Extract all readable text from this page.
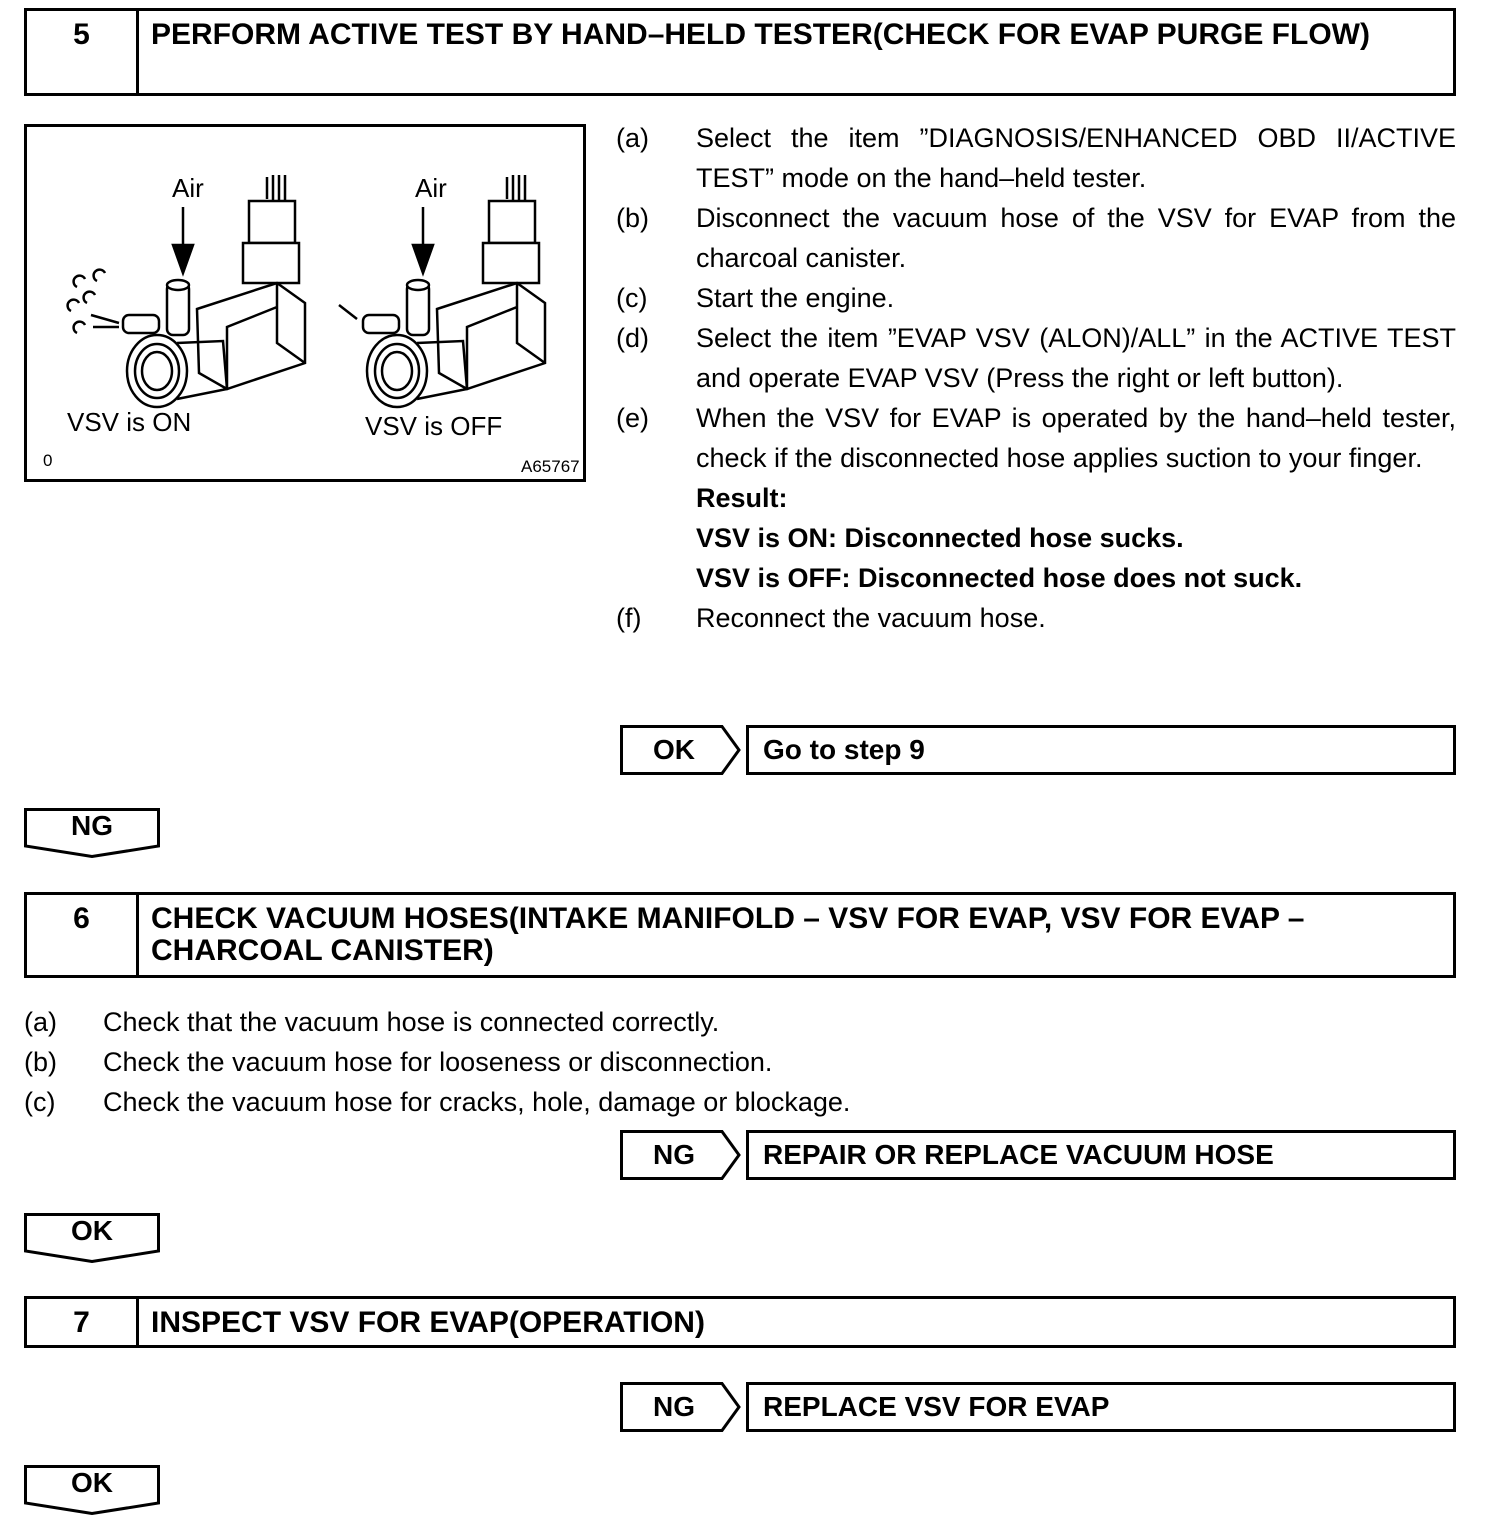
5	PERFORM ACTIVE TEST BY HAND–HELD TESTER(CHECK FOR EVAP PURGE FLOW)
Air	Air
VSV is ON	VSV is OFF
0	A65767
(a)	Select the item ”DIAGNOSIS/ENHANCED OBD II/ACTIVE TEST” mode on the hand–held tester.
(b)	Disconnect the vacuum hose of the VSV for EVAP from the charcoal canister.
(c)	Start the engine.
(d)	Select the item ”EVAP VSV (ALON)/ALL” in the ACTIVE TEST and operate EVAP VSV (Press the right or left button).
(e)	When the VSV for EVAP is operated by the hand–held tester, check if the disconnected hose applies suction to your finger.
Result:
VSV is ON: Disconnected hose sucks.
VSV is OFF: Disconnected hose does not suck.
(f)	Reconnect the vacuum hose.
OK	Go to step 9
NG
6	CHECK VACUUM HOSES(INTAKE MANIFOLD – VSV FOR EVAP, VSV FOR EVAP – CHARCOAL CANISTER)
(a)	Check that the vacuum hose is connected correctly.
(b)	Check the vacuum hose for looseness or disconnection.
(c)	Check the vacuum hose for cracks, hole, damage or blockage.
NG	REPAIR OR REPLACE VACUUM HOSE
OK
7	INSPECT VSV FOR EVAP(OPERATION)
NG	REPLACE VSV FOR EVAP
OK
